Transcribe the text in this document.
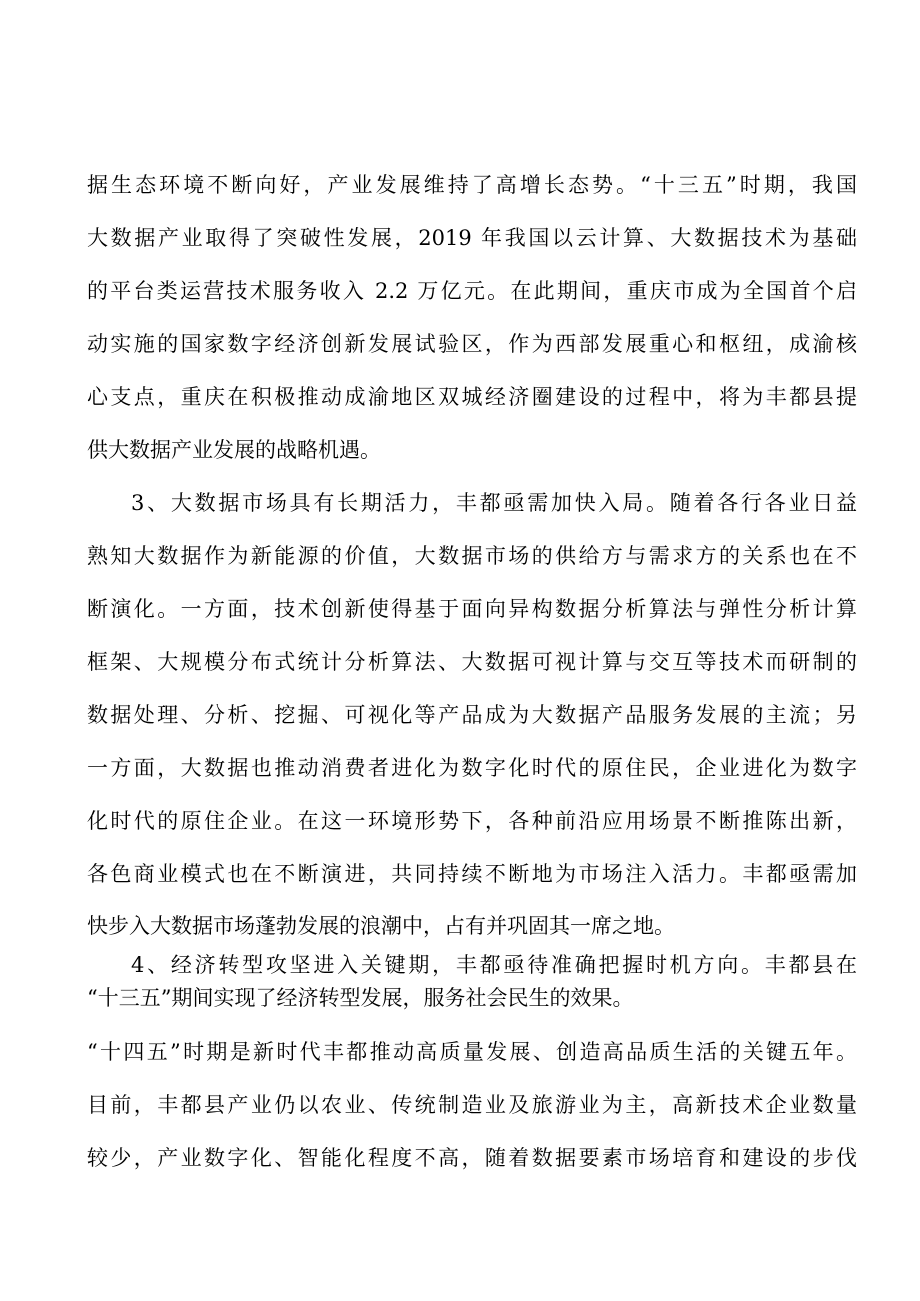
据生态环境不断向好，产业发展维持了高增长态势。“十三五”时期，我国
大数据产业取得了突破性发展，2019 年我国以云计算、大数据技术为基础
的平台类运营技术服务收入 2.2 万亿元。在此期间，重庆市成为全国首个启
动实施的国家数字经济创新发展试验区，作为西部发展重心和枢纽，成渝核
心支点，重庆在积极推动成渝地区双城经济圈建设的过程中，将为丰都县提
供大数据产业发展的战略机遇。
3、大数据市场具有长期活力，丰都亟需加快入局。随着各行各业日益
熟知大数据作为新能源的价值，大数据市场的供给方与需求方的关系也在不
断演化。一方面，技术创新使得基于面向异构数据分析算法与弹性分析计算
框架、大规模分布式统计分析算法、大数据可视计算与交互等技术而研制的
数据处理、分析、挖掘、可视化等产品成为大数据产品服务发展的主流；另
一方面，大数据也推动消费者进化为数字化时代的原住民，企业进化为数字
化时代的原住企业。在这一环境形势下，各种前沿应用场景不断推陈出新，
各色商业模式也在不断演进，共同持续不断地为市场注入活力。丰都亟需加
快步入大数据市场蓬勃发展的浪潮中，占有并巩固其一席之地。
4、经济转型攻坚进入关键期，丰都亟待准确把握时机方向。丰都县在
“十三五”期间实现了经济转型发展，服务社会民生的效果。
“十四五”时期是新时代丰都推动高质量发展、创造高品质生活的关键五年。
目前，丰都县产业仍以农业、传统制造业及旅游业为主，高新技术企业数量
较少，产业数字化、智能化程度不高，随着数据要素市场培育和建设的步伐
